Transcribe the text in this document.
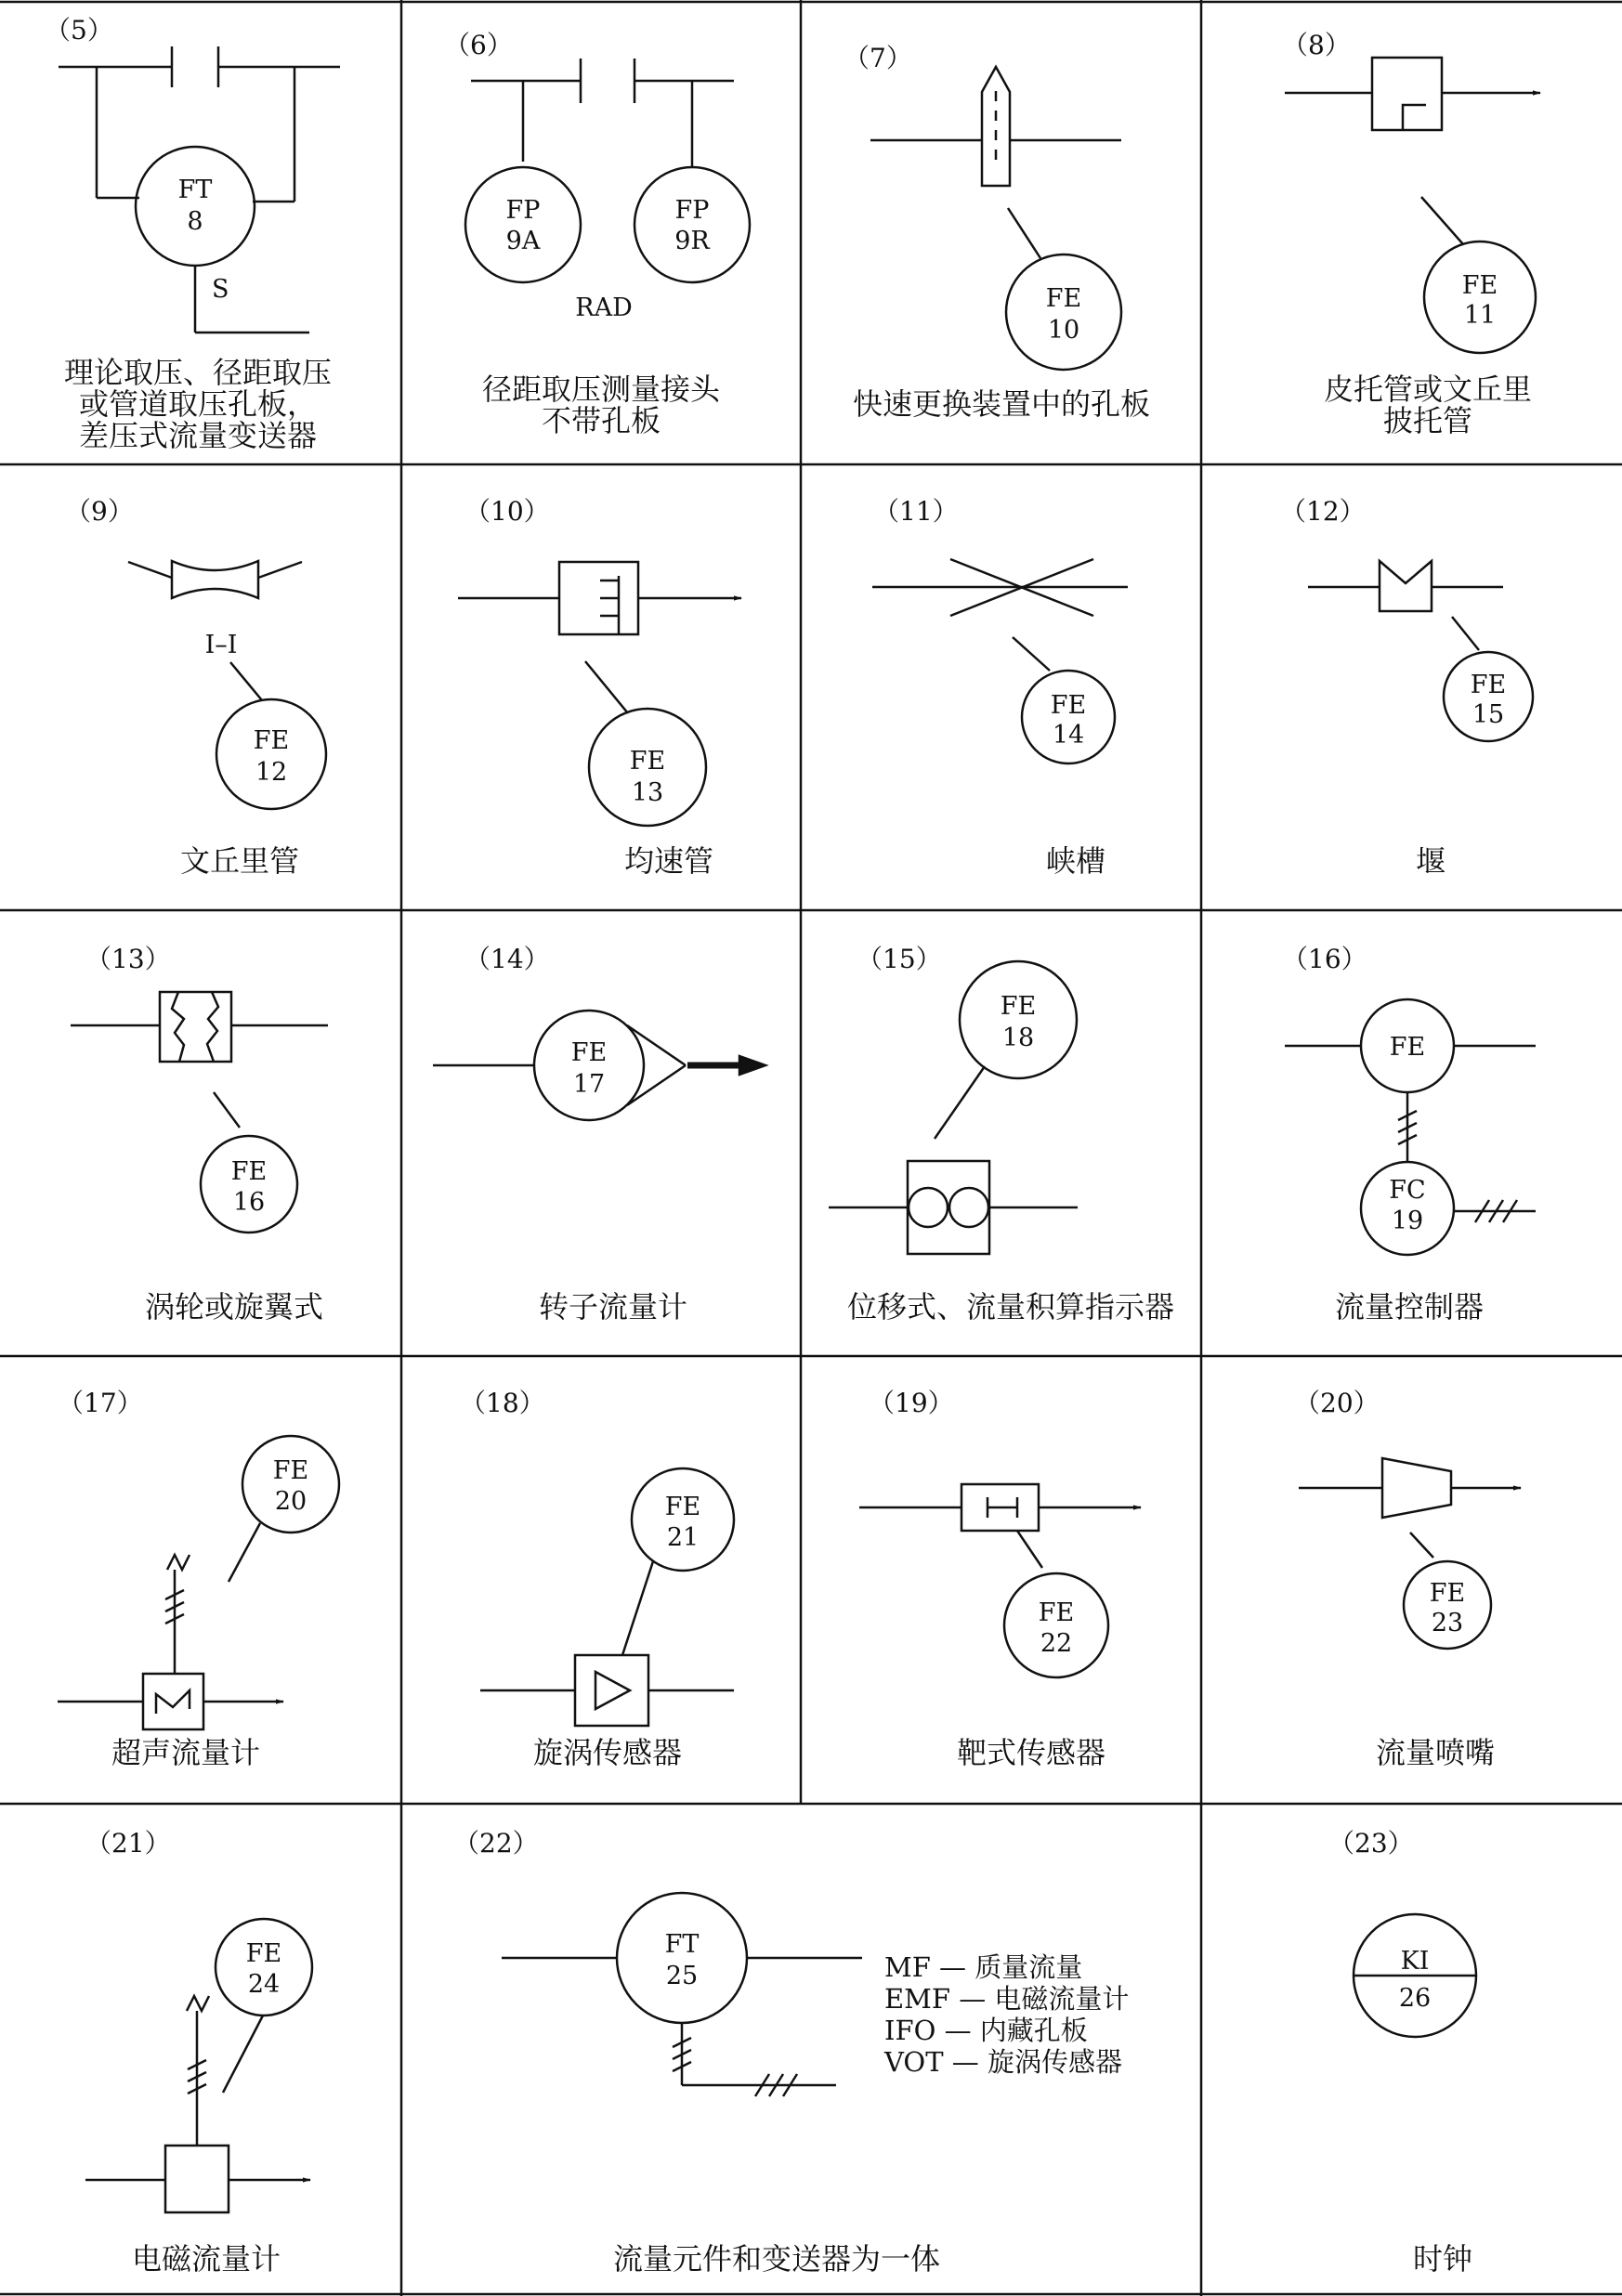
（5）
FT
8
S
理论取压、径距取压
或管道取压孔板，
差压式流量变送器
（6）
FP
9A
FP
9R
RAD
径距取压测量接头
不带孔板
（7）
FE
10
快速更换装置中的孔板
（8）
FE
11
皮托管或文丘里
披托管
（9）
I–I
FE
12
文丘里管
（10）
FE
13
均速管
（11）
FE
14
峡槽
（12）
FE
15
堰
（13）
FE
16
涡轮或旋翼式
（14）
FE
17
转子流量计
（15）
FE
18
位移式、流量积算指示器
（16）
FE
FC
19
流量控制器
（17）
FE
20
超声流量计
（18）
FE
21
旋涡传感器
（19）
FE
22
靶式传感器
（20）
FE
23
流量喷嘴
（21）
FE
24
电磁流量计
（22）
FT
25	MF — 质量流量
EMF — 电磁流量计
IFO — 内藏孔板
VOT — 旋涡传感器
流量元件和变送器为一体
（23）
KI
26
时钟
